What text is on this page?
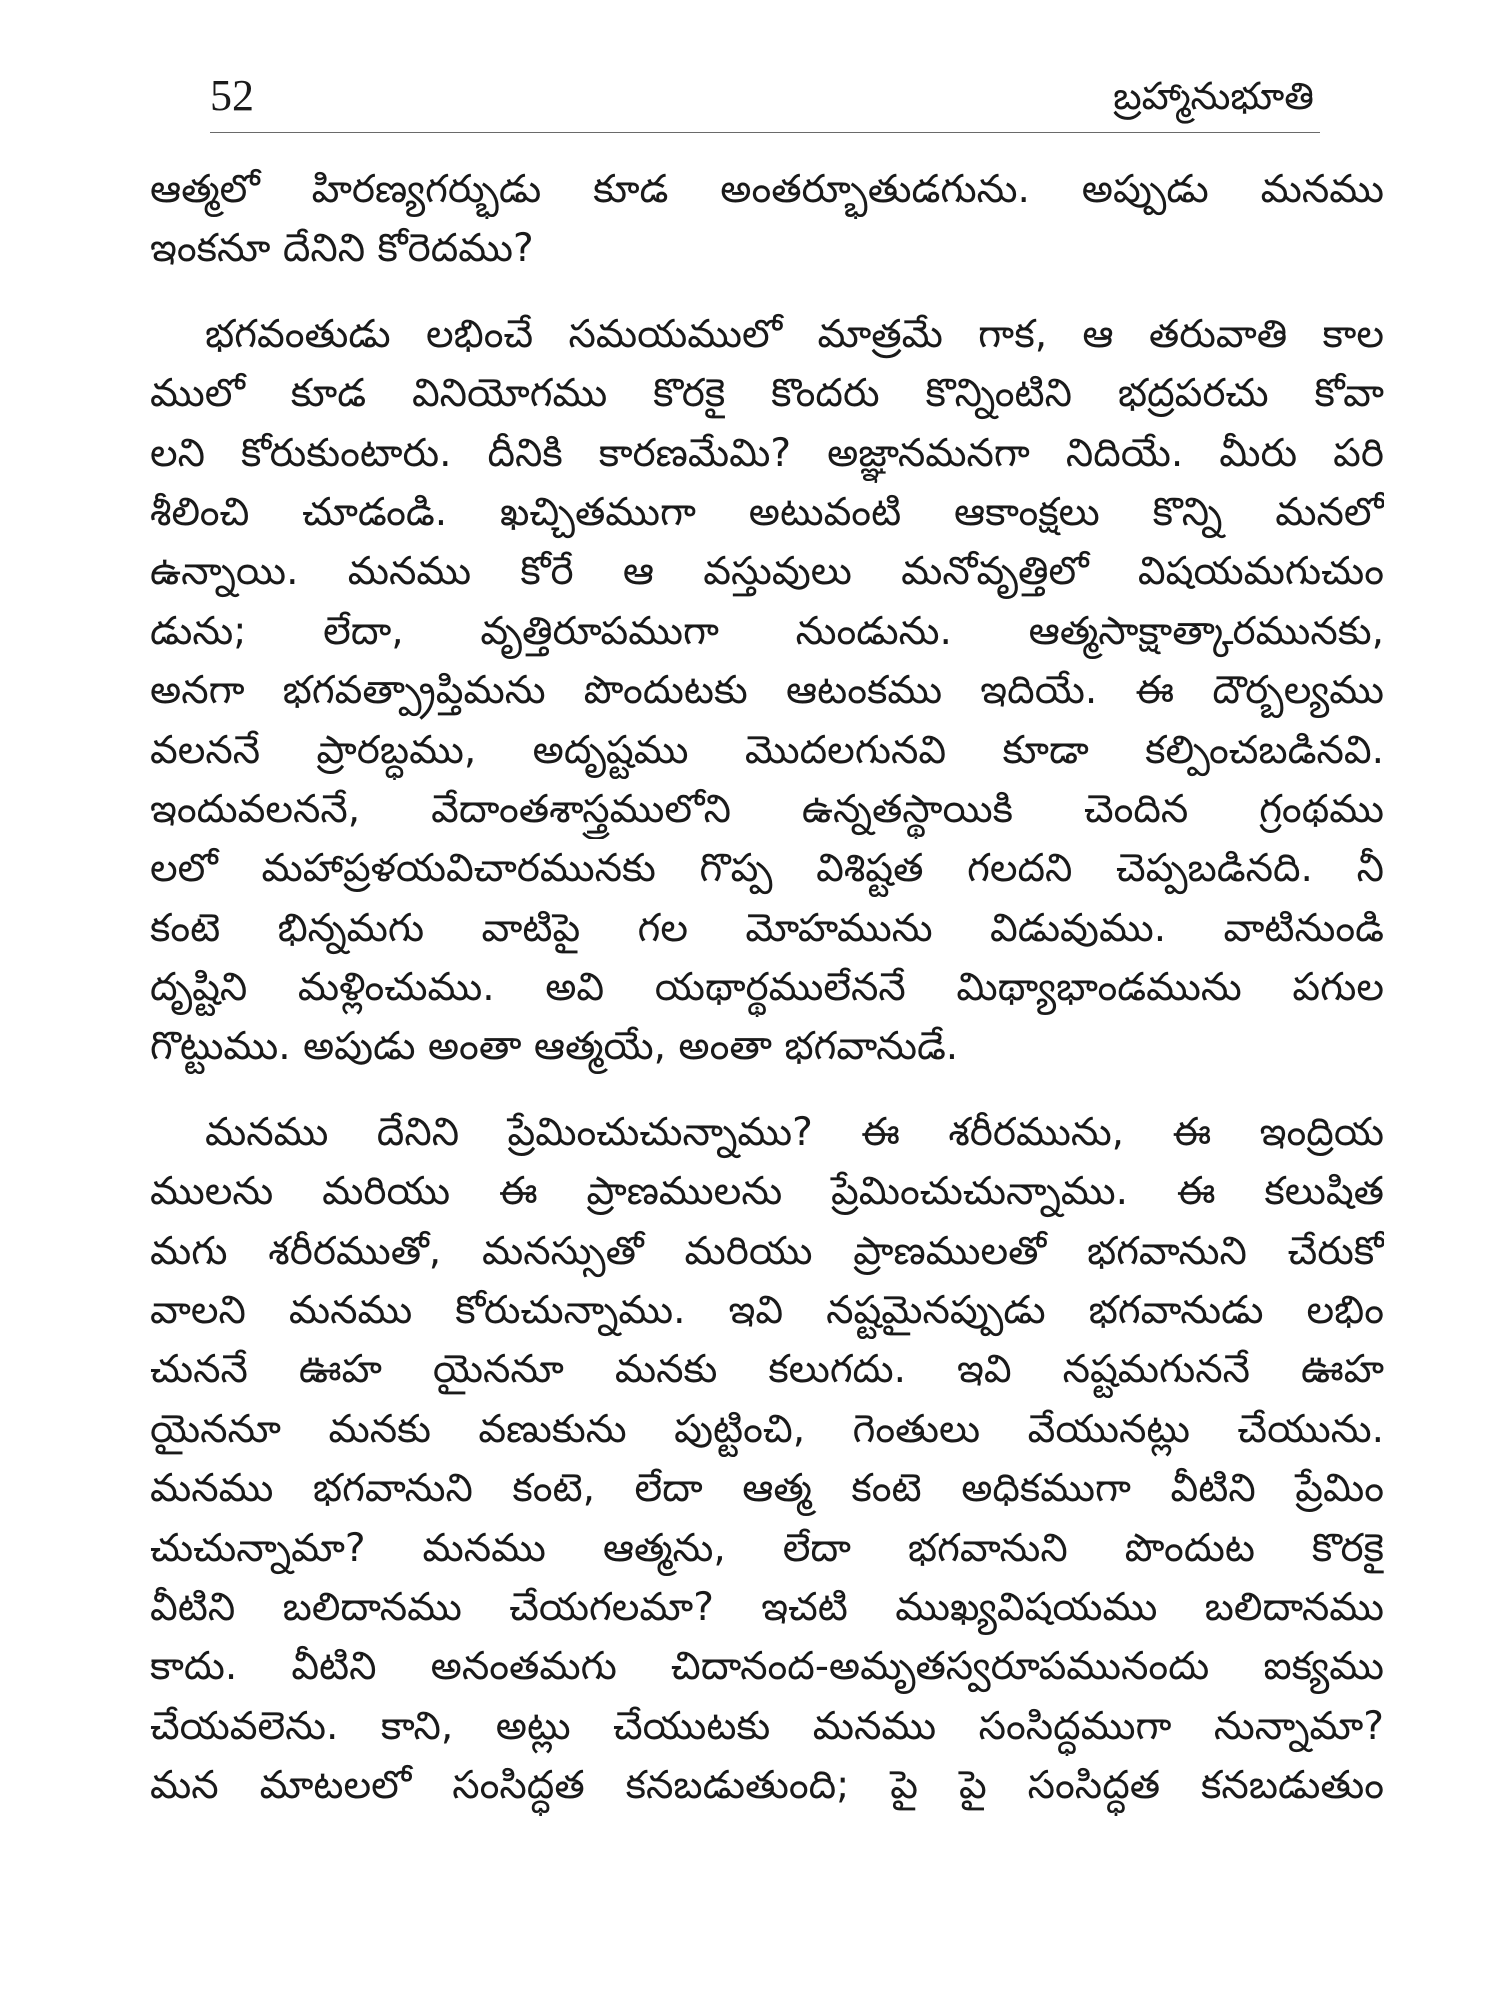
52	బ్రహ్మానుభూతి

ఆత్మలో హిరణ్యగర్భుడు కూడ అంతర్భూతుడగును. అప్పుడు మనము
ఇంకనూ దేనిని కోరెదము?

భగవంతుడు లభించే సమయములో మాత్రమే గాక, ఆ తరువాతి కాల
ములో కూడ వినియోగము కొరకై కొందరు కొన్నింటిని భద్రపరచు కోవా
లని కోరుకుంటారు. దీనికి కారణమేమి? అజ్ఞానమనగా నిదియే. మీరు పరి
శీలించి చూడండి. ఖచ్చితముగా అటువంటి ఆకాంక్షలు కొన్ని మనలో
ఉన్నాయి. మనము కోరే ఆ వస్తువులు మనోవృత్తిలో విషయమగుచుం
డును; లేదా, వృత్తిరూపముగా నుండును. ఆత్మసాక్షాత్కారమునకు,
అనగా భగవత్ప్రాప్తిమను పొందుటకు ఆటంకము ఇదియే. ఈ దౌర్బల్యము
వలననే ప్రారబ్ధము, అదృష్టము మొదలగునవి కూడా కల్పించబడినవి.
ఇందువలననే, వేదాంతశాస్త్రములోని ఉన్నతస్థాయికి చెందిన గ్రంథము
లలో మహాప్రళయవిచారమునకు గొప్ప విశిష్టత గలదని చెప్పబడినది. నీ
కంటె భిన్నమగు వాటిపై గల మోహమును విడువుము. వాటినుండి
దృష్టిని మళ్లించుము. అవి యథార్థములేననే మిథ్యాభాండమును పగుల
గొట్టుము. అపుడు అంతా ఆత్మయే, అంతా భగవానుడే.

మనము దేనిని ప్రేమించుచున్నాము? ఈ శరీరమును, ఈ ఇంద్రియ
ములను మరియు ఈ ప్రాణములను ప్రేమించుచున్నాము. ఈ కలుషిత
మగు శరీరముతో, మనస్సుతో మరియు ప్రాణములతో భగవానుని చేరుకో
వాలని మనము కోరుచున్నాము. ఇవి నష్టమైనప్పుడు భగవానుడు లభిం
చుననే ఊహ యైననూ మనకు కలుగదు. ఇవి నష్టమగుననే ఊహ
యైననూ మనకు వణుకును పుట్టించి, గెంతులు వేయునట్లు చేయును.
మనము భగవానుని కంటె, లేదా ఆత్మ కంటె అధికముగా వీటిని ప్రేమిం
చుచున్నామా? మనము ఆత్మను, లేదా భగవానుని పొందుట కొరకై
వీటిని బలిదానము చేయగలమా? ఇచటి ముఖ్యవిషయము బలిదానము
కాదు. వీటిని అనంతమగు చిదానంద-అమృతస్వరూపమునందు ఐక్యము
చేయవలెను. కాని, అట్లు చేయుటకు మనము సంసిద్ధముగా నున్నామా?
మన మాటలలో సంసిద్ధత కనబడుతుంది; పై పై సంసిద్ధత కనబడుతుం
